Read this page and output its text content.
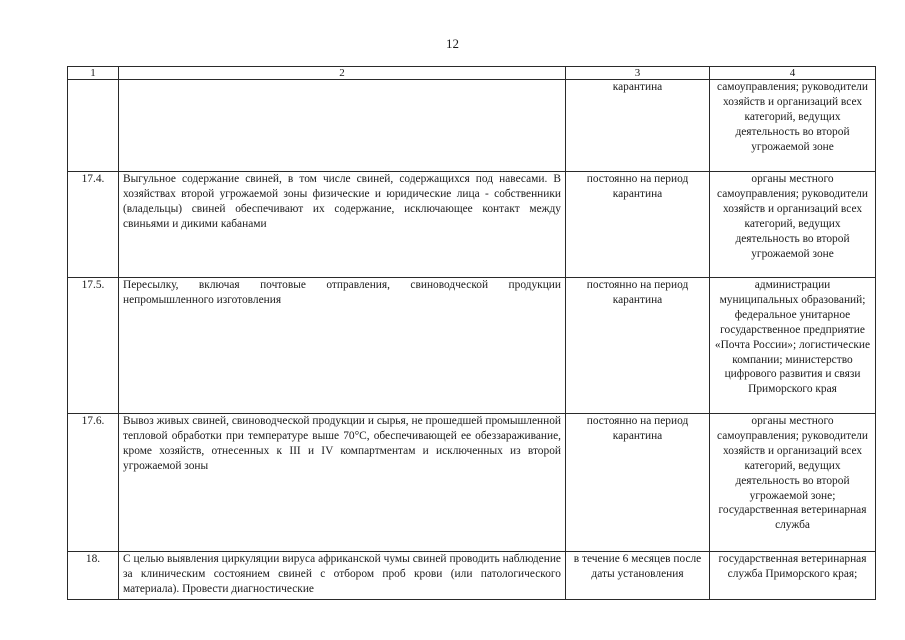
12
1	2	3	4
		карантина	самоуправления; руководители хозяйств и организаций всех категорий, ведущих деятельность во второй угрожаемой зоне
17.4.	Выгульное содержание свиней, в том числе свиней, содержащихся под навесами. В хозяйствах второй угрожаемой зоны физические и юридические лица - собственники (владельцы) свиней обеспечивают их содержание, исключающее контакт между свиньями и дикими кабанами	постоянно на период карантина	органы местного самоуправления; руководители хозяйств и организаций всех категорий, ведущих деятельность во второй угрожаемой зоне
17.5.	Пересылку, включая почтовые отправления, свиноводческой продукции непромышленного изготовления	постоянно на период карантина	администрации муниципальных образований; федеральное унитарное государственное предприятие «Почта России»; логистические компании; министерство цифрового развития и связи Приморского края
17.6.	Вывоз живых свиней, свиноводческой продукции и сырья, не прошедшей промышленной тепловой обработки при температуре выше 70°С, обеспечивающей ее обеззараживание, кроме хозяйств, отнесенных к III и IV компартментам и исключенных из второй угрожаемой зоны	постоянно на период карантина	органы местного самоуправления; руководители хозяйств и организаций всех категорий, ведущих деятельность во второй угрожаемой зоне; государственная ветеринарная служба
18.	С целью выявления циркуляции вируса африканской чумы свиней проводить наблюдение за клиническим состоянием свиней с отбором проб крови (или патологического материала). Провести диагностические	в течение 6 месяцев после даты установления	государственная ветеринарная служба Приморского края;
